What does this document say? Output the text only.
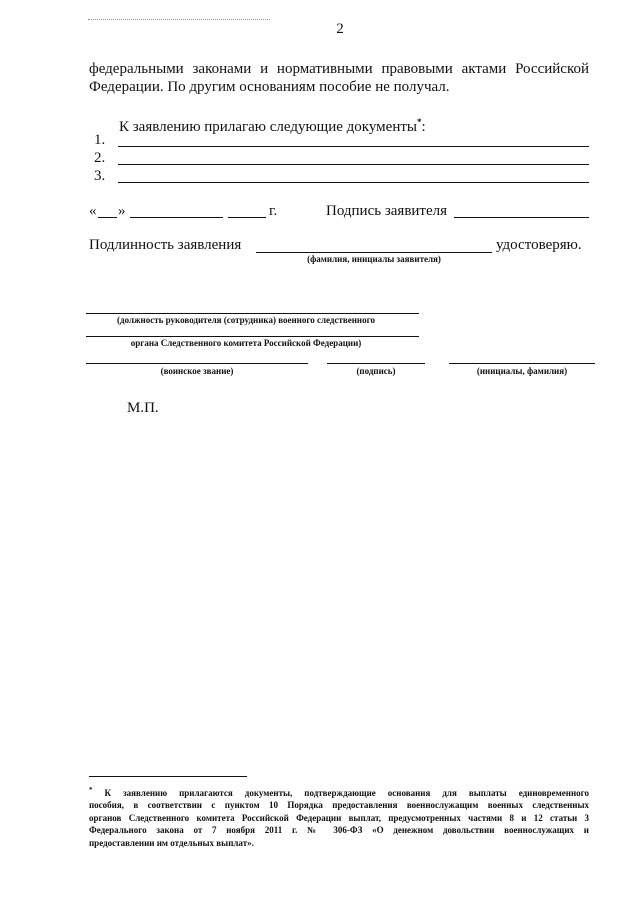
2
федеральными законами и нормативными правовыми актами Российской
Федерации. По другим основаниям пособие не получал.
К заявлению прилагаю следующие документы*:
1.
2.
3.
« »	г.	Подпись заявителя
Подлинность заявления	удостоверяю.
(фамилия, инициалы заявителя)
(должность руководителя (сотрудника) военного следственного
органа Следственного комитета Российской Федерации)
(воинское звание)	(подпись)	(инициалы, фамилия)
М.П.
* К заявлению прилагаются документы, подтверждающие основания для выплаты единовременного
пособия, в соответствии с пунктом 10 Порядка предоставления военнослужащим военных следственных
органов Следственного комитета Российской Федерации выплат, предусмотренных частями 8 и 12 статьи 3
Федерального закона от 7 ноября 2011 г. № 306-ФЗ «О денежном довольствии военнослужащих и
предоставлении им отдельных выплат».
